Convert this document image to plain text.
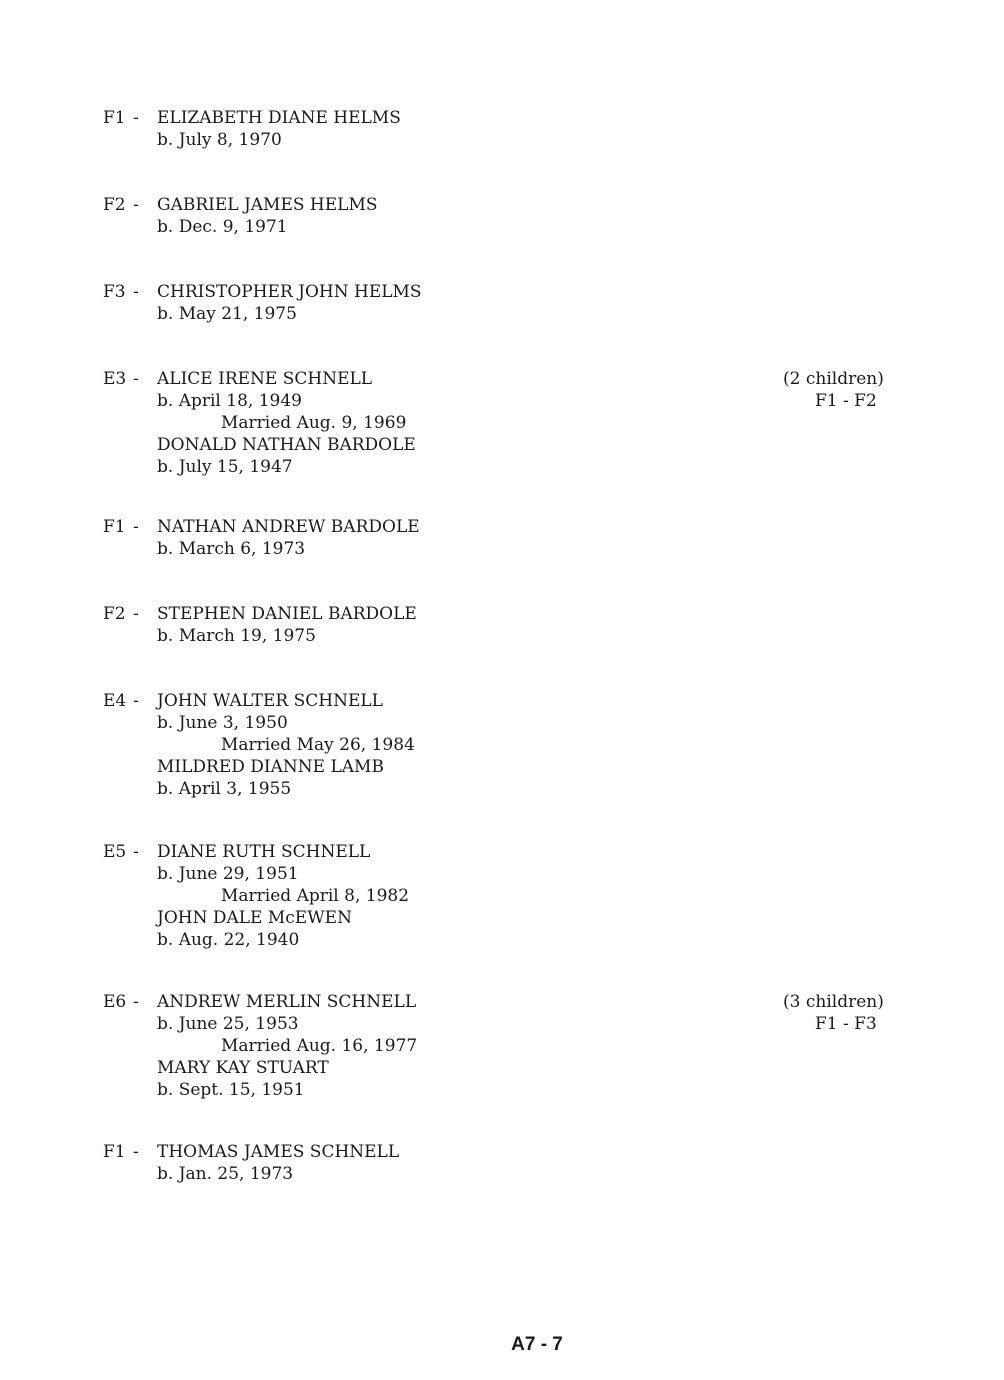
F1 - ELIZABETH DIANE HELMS
b. July 8, 1970
F2 - GABRIEL JAMES HELMS
b. Dec. 9, 1971
F3 - CHRISTOPHER JOHN HELMS
b. May 21, 1975
E3 - ALICE IRENE SCHNELL
b. April 18, 1949
Married Aug. 9, 1969
DONALD NATHAN BARDOLE
b. July 15, 1947
(2 children)
F1 - F2
F1 - NATHAN ANDREW BARDOLE
b. March 6, 1973
F2 - STEPHEN DANIEL BARDOLE
b. March 19, 1975
E4 - JOHN WALTER SCHNELL
b. June 3, 1950
Married May 26, 1984
MILDRED DIANNE LAMB
b. April 3, 1955
E5 - DIANE RUTH SCHNELL
b. June 29, 1951
Married April 8, 1982
JOHN DALE McEWEN
b. Aug. 22, 1940
E6 - ANDREW MERLIN SCHNELL
b. June 25, 1953
Married Aug. 16, 1977
MARY KAY STUART
b. Sept. 15, 1951
(3 children)
F1 - F3
F1 - THOMAS JAMES SCHNELL
b. Jan. 25, 1973
A7 - 7
